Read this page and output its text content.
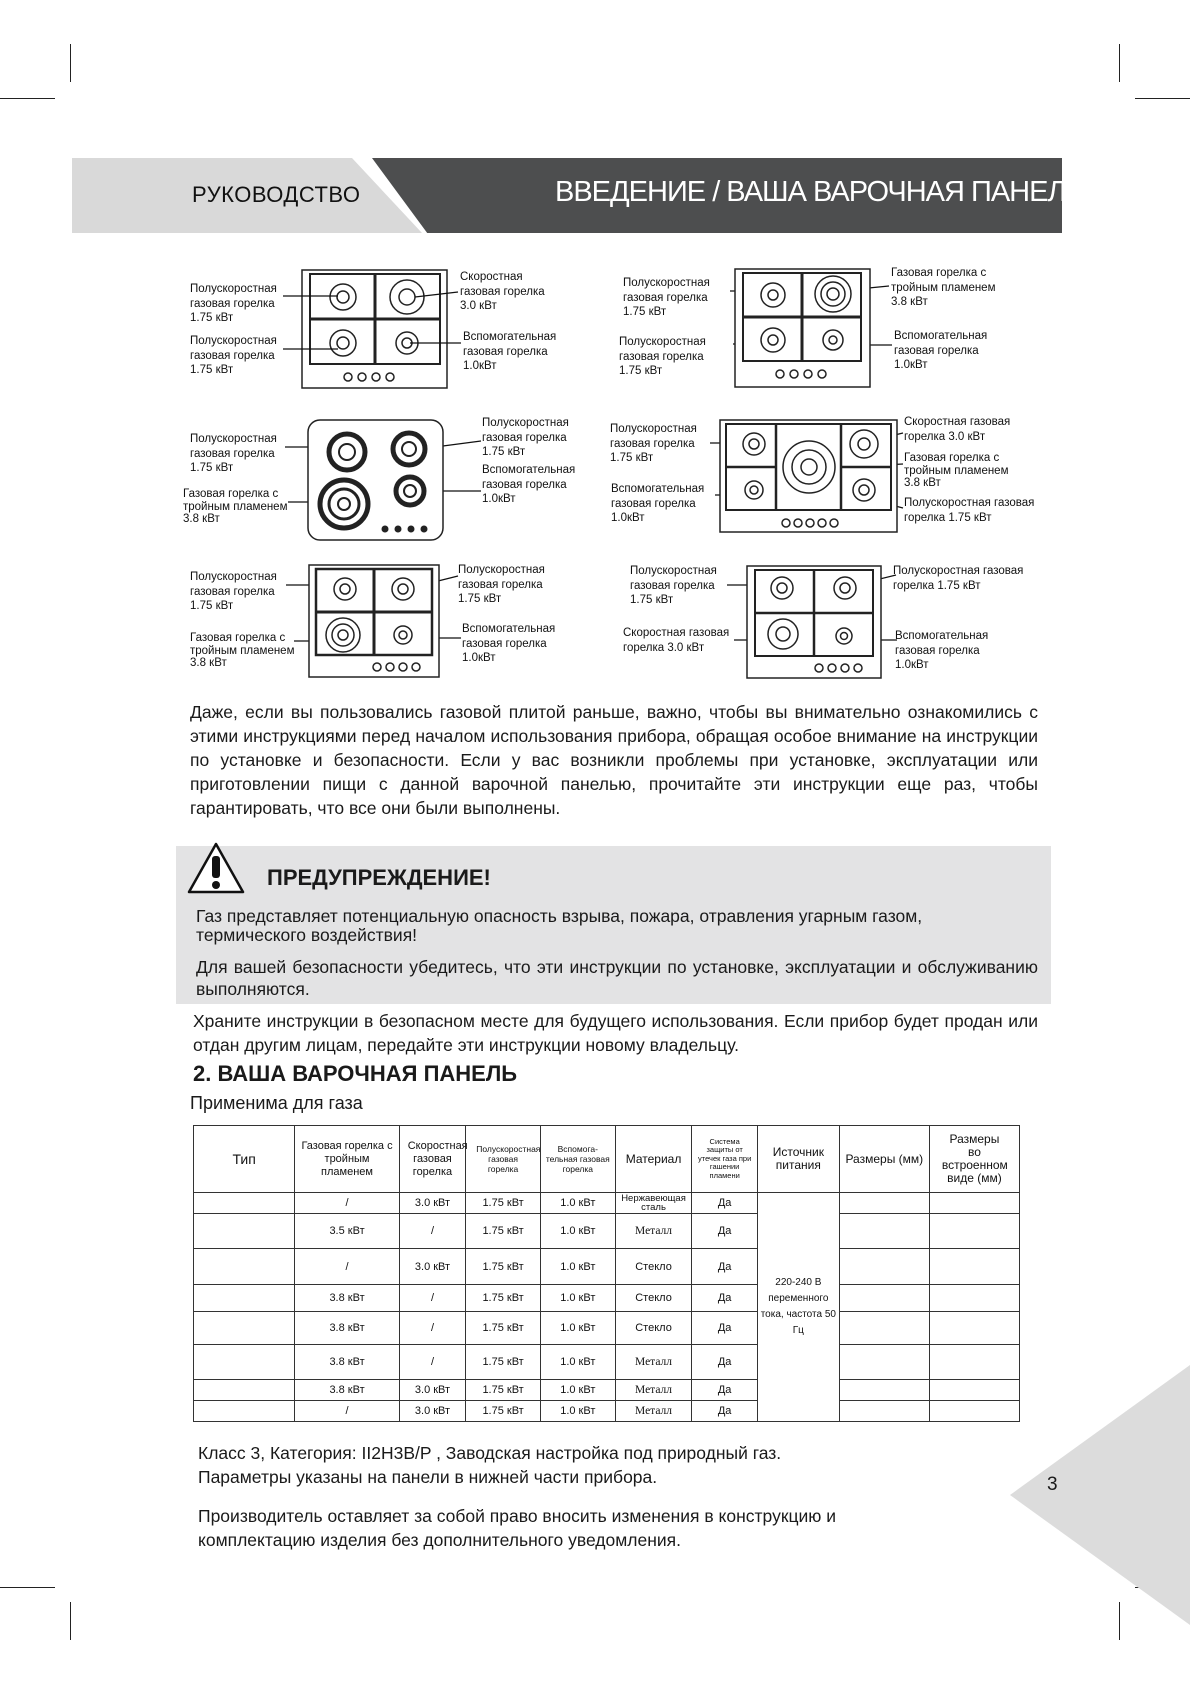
РУКОВОДСТВО	ВВЕДЕНИЕ / ВАША ВАРОЧНАЯ ПАНЕЛЬ
Полускоростная
газовая горелка
1.75 кВт
Полускоростная
газовая горелка
1.75 кВт
Скоростная
газовая горелка
3.0 кВт
Вспомогательная
газовая горелка
1.0кВт
Полускоростная
газовая горелка
1.75 кВт
Полускоростная
газовая горелка
1.75 кВт
Газовая горелка с
тройным пламенем
3.8 кВт
Вспомогательная
газовая горелка
1.0кВт
Полускоростная
газовая горелка
1.75 кВт
Газовая горелка с
тройным пламенем
3.8 кВт
Полускоростная
газовая горелка
1.75 кВт
Вспомогательная
газовая горелка
1.0кВт
Полускоростная
газовая горелка
1.75 кВт
Вспомогательная
газовая горелка
1.0кВт
Скоростная газовая
горелка 3.0 кВт
Газовая горелка с
тройным пламенем
3.8 кВт
Полускоростная газовая
горелка 1.75 кВт
Полускоростная
газовая горелка
1.75 кВт
Газовая горелка с
тройным пламенем
3.8 кВт
Полускоростная
газовая горелка
1.75 кВт
Вспомогательная
газовая горелка
1.0кВт
Полускоростная
газовая горелка
1.75 кВт
Скоростная газовая
горелка 3.0 кВт
Полускоростная газовая
горелка 1.75 кВт
Вспомогательная
газовая горелка
1.0кВт
Даже, если вы пользовались газовой плитой раньше, важно, чтобы вы внимательно ознакомились с этими инструкциями перед началом использования прибора, обращая особое внимание на инструкции по установке и безопасности. Если у вас возникли проблемы при установке, эксплуатации или приготовлении пищи с данной варочной панелью, прочитайте эти инструкции еще раз, чтобы гарантировать, что все они были выполнены.
ПРЕДУПРЕЖДЕНИЕ!
Газ представляет потенциальную опасность взрыва, пожара, отравления угарным газом, термического воздействия!
Для вашей безопасности убедитесь, что эти инструкции по установке, эксплуатации и обслуживанию выполняются.
Храните инструкции в безопасном месте для будущего использования. Если прибор будет продан или отдан другим лицам, передайте эти инструкции новому владельцу.
2. ВАША ВАРОЧНАЯ ПАНЕЛЬ
Применима для газа
Тип	Газовая горелка с тройным пламенем	Скоростная газовая горелка	Полускоростная газовая горелка	Вспомога- тельная газовая горелка	Материал	Система защиты от утечек газа при гашении пламени	Источник питания	Размеры (мм)	Размеры во встроенном виде (мм)
	/	3.0 кВт	1.75 кВт	1.0 кВт	Нержавеющая сталь	Да	220-240 В переменного тока, частота 50 Гц		
	3.5 кВт	/	1.75 кВт	1.0 кВт	Металл	Да			
	/	3.0 кВт	1.75 кВт	1.0 кВт	Стекло	Да			
	3.8 кВт	/	1.75 кВт	1.0 кВт	Стекло	Да			
	3.8 кВт	/	1.75 кВт	1.0 кВт	Стекло	Да			
	3.8 кВт	/	1.75 кВт	1.0 кВт	Металл	Да			
	3.8 кВт	3.0 кВт	1.75 кВт	1.0 кВт	Металл	Да			
	/	3.0 кВт	1.75 кВт	1.0 кВт	Металл	Да			
Класс 3, Категория: II2H3B/P , Заводская настройка под природный газ.
Параметры указаны на панели в нижней части прибора.
Производитель оставляет за собой право вносить изменения в конструкцию и комплектацию изделия без дополнительного уведомления.
3
